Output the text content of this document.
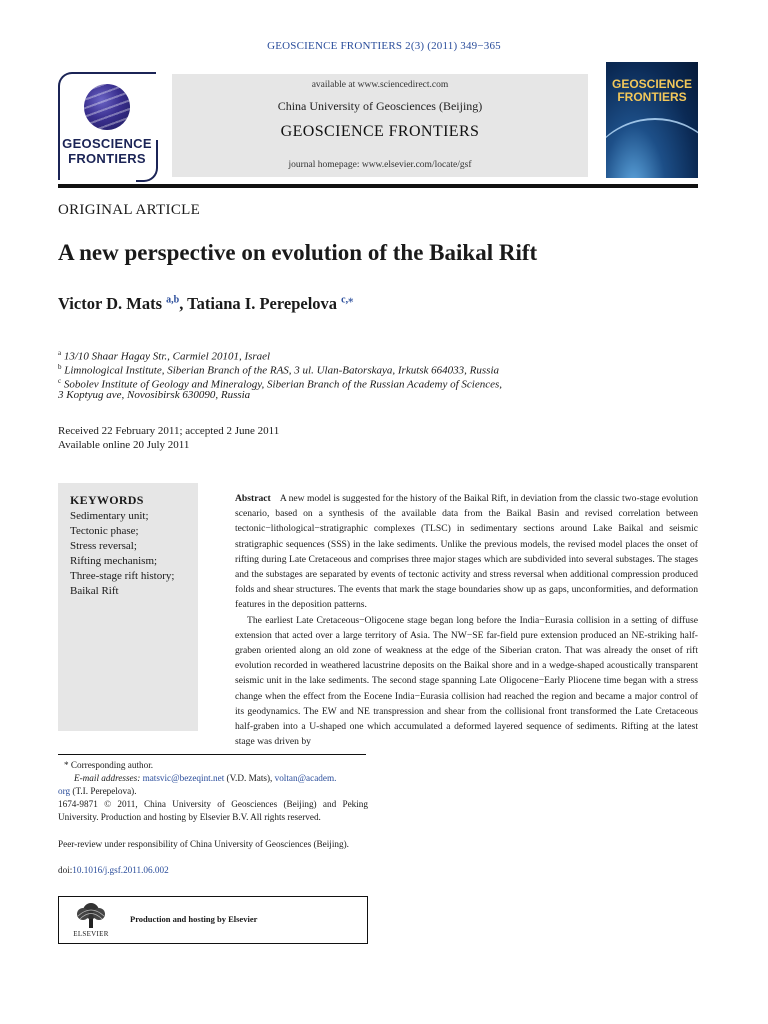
GEOSCIENCE FRONTIERS 2(3) (2011) 349−365
GEOSCIENCE
FRONTIERS
available at www.sciencedirect.com
China University of Geosciences (Beijing)
GEOSCIENCE FRONTIERS
journal homepage: www.elsevier.com/locate/gsf
GEOSCIENCE
FRONTIERS
ORIGINAL ARTICLE
A new perspective on evolution of the Baikal Rift
Victor D. Mats $^{a,b}$, Tatiana I. Perepelova $^{c,⁎}$
$^a$ 13/10 Shaar Hagay Str., Carmiel 20101, Israel
$^b$ Limnological Institute, Siberian Branch of the RAS, 3 ul. Ulan-Batorskaya, Irkutsk 664033, Russia
$^c$ Sobolev Institute of Geology and Mineralogy, Siberian Branch of the Russian Academy of Sciences,
3 Koptyug ave, Novosibirsk 630090, Russia
Received 22 February 2011; accepted 2 June 2011
Available online 20 July 2011
KEYWORDS
Sedimentary unit;
Tectonic phase;
Stress reversal;
Rifting mechanism;
Three-stage rift history;
Baikal Rift

Abstract A new model is suggested for the history of the Baikal Rift, in deviation from the classic two-stage evolution scenario, based on a synthesis of the available data from the Baikal Basin and revised correlation between tectonic−lithological−stratigraphic complexes (TLSC) in sedimentary sections around Lake Baikal and seismic stratigraphic sequences (SSS) in the lake sediments. Unlike the previous models, the revised model places the onset of rifting during Late Cretaceous and comprises three major stages which are subdivided into several substages. The stages and the substages are separated by events of tectonic activity and stress reversal when additional compression produced folds and shear structures. The events that mark the stage boundaries show up as gaps, unconformities, and deformation features in the deposition patterns.

The earliest Late Cretaceous−Oligocene stage began long before the India−Eurasia collision in a setting of diffuse extension that acted over a large territory of Asia. The NW−SE far-field pure extension produced an NE-striking half-graben oriented along an old zone of weakness at the edge of the Siberian craton. That was already the onset of rift evolution recorded in weathered lacustrine deposits on the Baikal shore and in a wedge-shaped acoustically transparent seismic unit in the lake sediments. The second stage spanning Late Oligocene−Early Pliocene time began with a stress change when the effect from the Eocene India−Eurasia collision had reached the region and became a major control of its geodynamics. The EW and NE transpression and shear from the collisional front transformed the Late Cretaceous half-graben into a U-shaped one which accumulated a deformed layered sequence of sediments. Rifting at the latest stage was driven by

* Corresponding author.
E-mail addresses: matsvic@bezeqint.net (V.D. Mats), voltan@academ.
org (T.I. Perepelova).
1674-9871 © 2011, China University of Geosciences (Beijing) and Peking University. Production and hosting by Elsevier B.V. All rights reserved.
Peer-review under responsibility of China University of Geosciences (Beijing).
doi:10.1016/j.gsf.2011.06.002
ELSEVIER
Production and hosting by Elsevier
